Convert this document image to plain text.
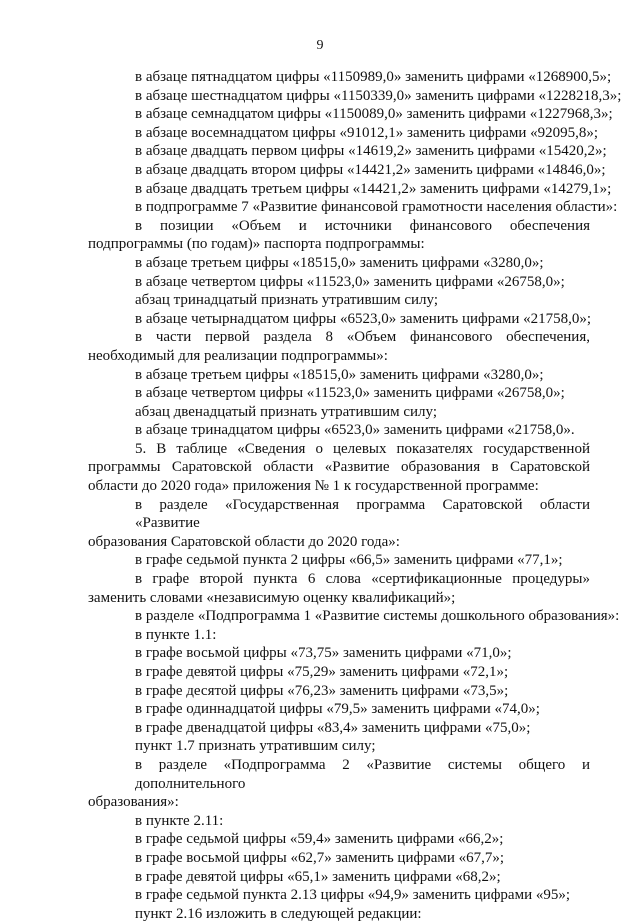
9
в абзаце пятнадцатом цифры «1150989,0» заменить цифрами «1268900,5»;
в абзаце шестнадцатом цифры «1150339,0» заменить цифрами «1228218,3»;
в абзаце семнадцатом цифры «1150089,0» заменить цифрами «1227968,3»;
в абзаце восемнадцатом цифры «91012,1» заменить цифрами «92095,8»;
в абзаце двадцать первом цифры «14619,2» заменить цифрами «15420,2»;
в абзаце двадцать втором цифры «14421,2» заменить цифрами «14846,0»;
в абзаце двадцать третьем цифры «14421,2» заменить цифрами «14279,1»;
в подпрограмме 7 «Развитие финансовой грамотности населения области»:
в позиции «Объем и источники финансового обеспечения
подпрограммы (по годам)» паспорта подпрограммы:
в абзаце третьем цифры «18515,0» заменить цифрами «3280,0»;
в абзаце четвертом цифры «11523,0» заменить цифрами «26758,0»;
абзац тринадцатый признать утратившим силу;
в абзаце четырнадцатом цифры «6523,0» заменить цифрами «21758,0»;
в части первой раздела 8 «Объем финансового обеспечения,
необходимый для реализации подпрограммы»:
в абзаце третьем цифры «18515,0» заменить цифрами «3280,0»;
в абзаце четвертом цифры «11523,0» заменить цифрами «26758,0»;
абзац двенадцатый признать утратившим силу;
в абзаце тринадцатом цифры «6523,0» заменить цифрами «21758,0».
5. В таблице «Сведения о целевых показателях государственной
программы Саратовской области «Развитие образования в Саратовской
области до 2020 года» приложения № 1 к государственной программе:
в разделе «Государственная программа Саратовской области «Развитие
образования Саратовской области до 2020 года»:
в графе седьмой пункта 2 цифры «66,5» заменить цифрами «77,1»;
в графе второй пункта 6 слова «сертификационные процедуры»
заменить словами «независимую оценку квалификаций»;
в разделе «Подпрограмма 1 «Развитие системы дошкольного образования»:
в пункте 1.1:
в графе восьмой цифры «73,75» заменить цифрами «71,0»;
в графе девятой цифры «75,29» заменить цифрами «72,1»;
в графе десятой цифры «76,23» заменить цифрами «73,5»;
в графе одиннадцатой цифры «79,5» заменить цифрами «74,0»;
в графе двенадцатой цифры «83,4» заменить цифрами «75,0»;
пункт 1.7 признать утратившим силу;
в разделе «Подпрограмма 2 «Развитие системы общего и дополнительного
образования»:
в пункте 2.11:
в графе седьмой цифры «59,4» заменить цифрами «66,2»;
в графе восьмой цифры «62,7» заменить цифрами «67,7»;
в графе девятой цифры «65,1» заменить цифрами «68,2»;
в графе седьмой пункта 2.13 цифры «94,9» заменить цифрами «95»;
пункт 2.16 изложить в следующей редакции:
